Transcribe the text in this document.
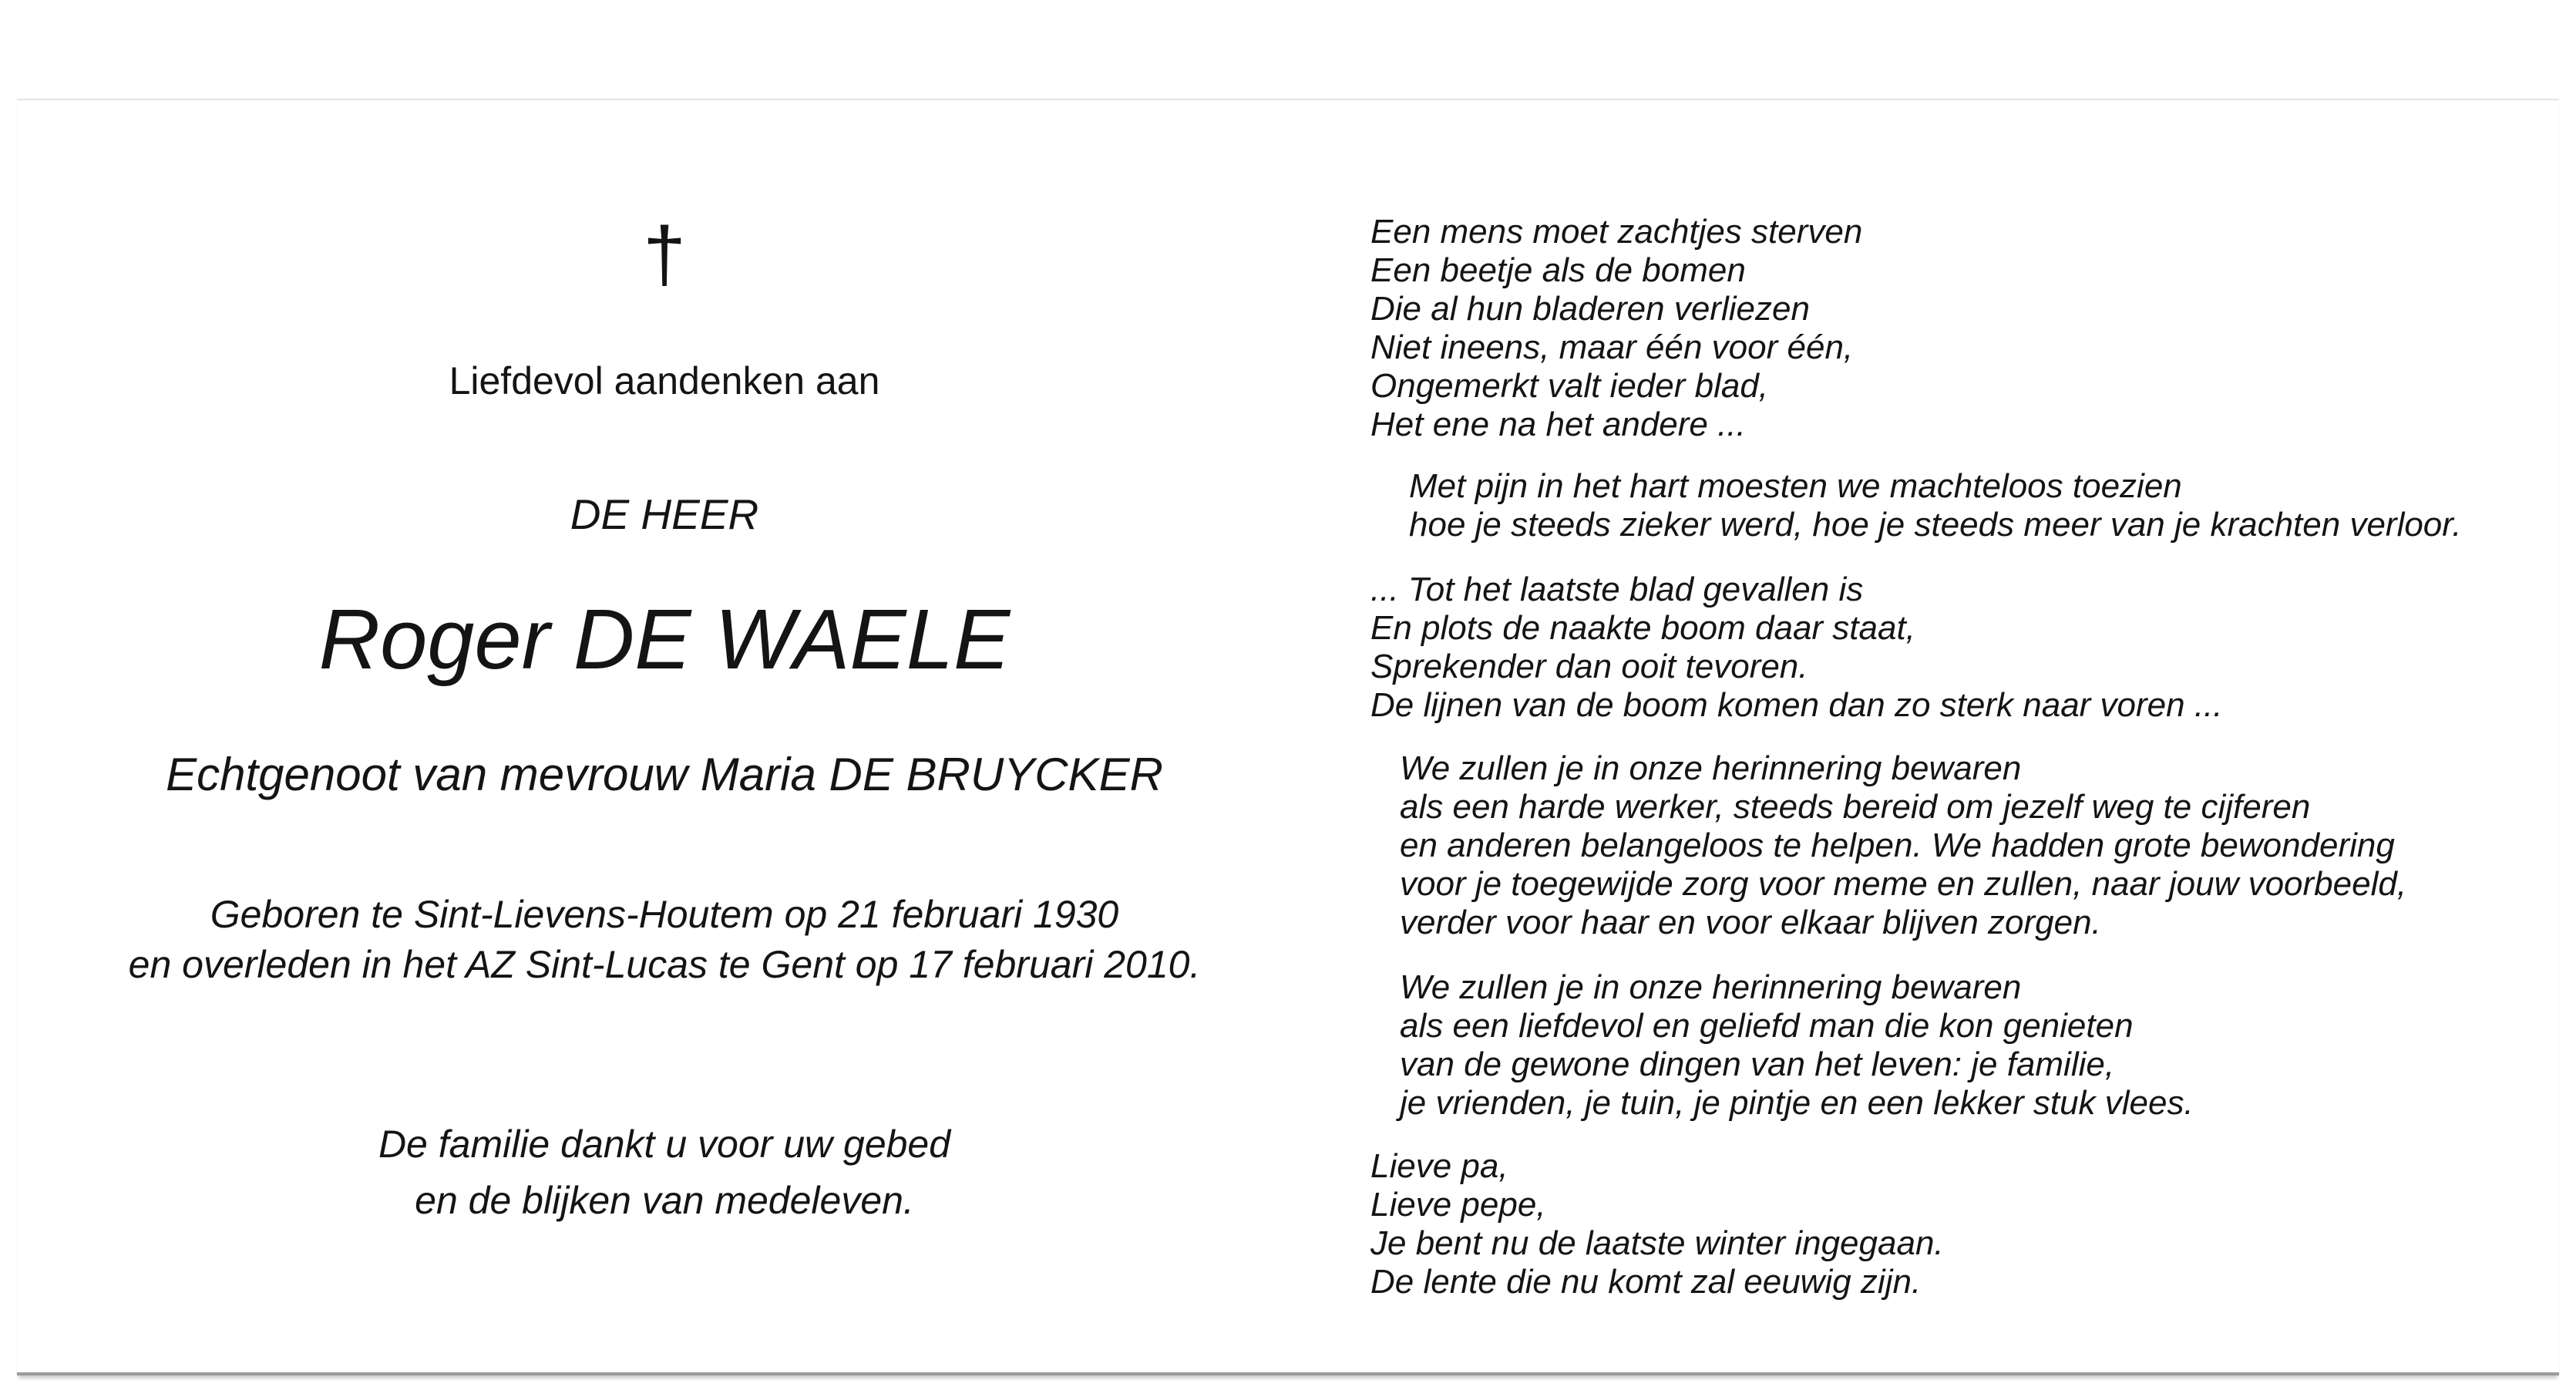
†
Liefdevol aandenken aan
DE HEER
Roger DE WAELE
Echtgenoot van mevrouw Maria DE BRUYCKER
Geboren te Sint-Lievens-Houtem op 21 februari 1930
en overleden in het AZ Sint-Lucas te Gent op 17 februari 2010.
De familie dankt u voor uw gebed
en de blijken van medeleven.

Een mens moet zachtjes sterven

Een beetje als de bomen

Die al hun bladeren verliezen

Niet ineens, maar één voor één,

Ongemerkt valt ieder blad,

Het ene na het andere ...

Met pijn in het hart moesten we machteloos toezien

hoe je steeds zieker werd, hoe je steeds meer van je krachten verloor.

... Tot het laatste blad gevallen is

En plots de naakte boom daar staat,

Sprekender dan ooit tevoren.

De lijnen van de boom komen dan zo sterk naar voren ...

We zullen je in onze herinnering bewaren

als een harde werker, steeds bereid om jezelf weg te cijferen

en anderen belangeloos te helpen. We hadden grote bewondering

voor je toegewijde zorg voor meme en zullen, naar jouw voorbeeld,

verder voor haar en voor elkaar blijven zorgen.

We zullen je in onze herinnering bewaren

als een liefdevol en geliefd man die kon genieten

van de gewone dingen van het leven: je familie,

je vrienden, je tuin, je pintje en een lekker stuk vlees.

Lieve pa,

Lieve pepe,

Je bent nu de laatste winter ingegaan.

De lente die nu komt zal eeuwig zijn.
